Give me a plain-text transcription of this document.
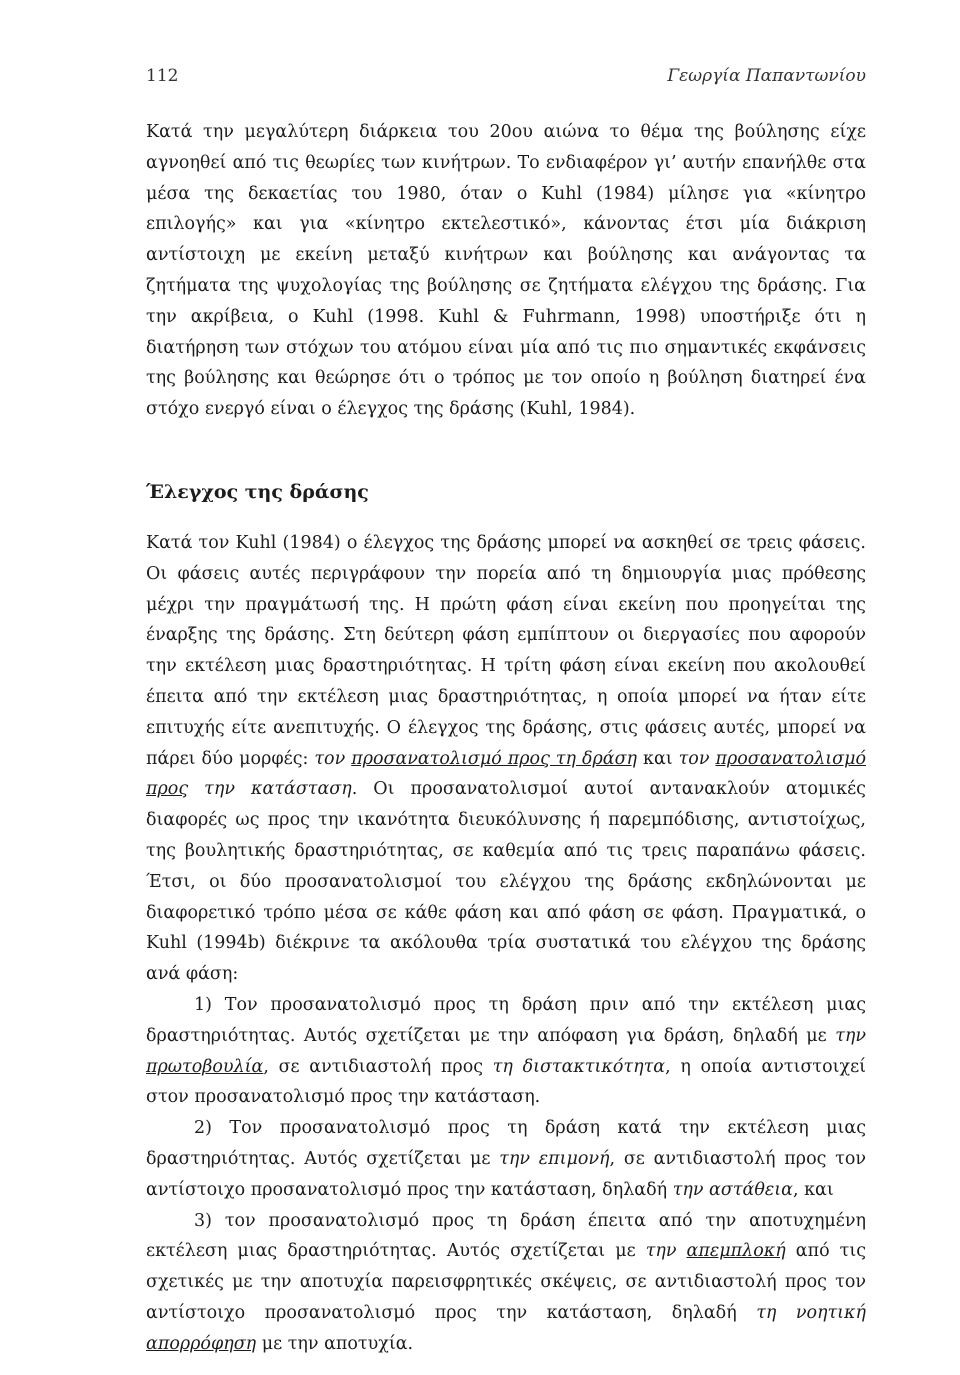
112	Γεωργία Παπαντωνίου

Κατά την μεγαλύτερη διάρκεια του 20ου αιώνα το θέμα της βούλησης είχε αγνοηθεί από τις θεωρίες των κινήτρων. Το ενδιαφέρον γι’ αυτήν επανήλθε στα μέσα της δεκαετίας του 1980, όταν ο Kuhl (1984) μίλησε για «κίνητρο επιλογής» και για «κίνητρο εκτελεστικό», κάνοντας έτσι μία διάκριση αντίστοιχη με εκείνη μεταξύ κινήτρων και βούλησης και ανάγοντας τα ζητήματα της ψυχολογίας της βούλησης σε ζητήματα ελέγχου της δράσης. Για την ακρίβεια, ο Kuhl (1998. Kuhl & Fuhrmann, 1998) υποστήριξε ότι η διατήρηση των στόχων του ατόμου είναι μία από τις πιο σημαντικές εκφάνσεις της βούλησης και θεώρησε ότι ο τρόπος με τον οποίο η βούληση διατηρεί ένα στόχο ενεργό είναι ο έλεγχος της δράσης (Kuhl, 1984).

Έλεγχος της δράσης

Κατά τον Kuhl (1984) ο έλεγχος της δράσης μπορεί να ασκηθεί σε τρεις φάσεις. Οι φάσεις αυτές περιγράφουν την πορεία από τη δημιουργία μιας πρόθεσης μέχρι την πραγμάτωσή της. Η πρώτη φάση είναι εκείνη που προηγείται της έναρξης της δράσης. Στη δεύτερη φάση εμπίπτουν οι διεργασίες που αφορούν την εκτέλεση μιας δραστηριότητας. Η τρίτη φάση είναι εκείνη που ακολουθεί έπειτα από την εκτέλεση μιας δραστηριότητας, η οποία μπορεί να ήταν είτε επιτυχής είτε ανεπιτυχής. Ο έλεγχος της δράσης, στις φάσεις αυτές, μπορεί να πάρει δύο μορφές: τον προσανατολισμό προς τη δράση και τον προσανατολισμό προς την κατάσταση. Οι προσανατολισμοί αυτοί αντανακλούν ατομικές διαφορές ως προς την ικανότητα διευκόλυνσης ή παρεμπόδισης, αντιστοίχως, της βουλητικής δραστηριότητας, σε καθεμία από τις τρεις παραπάνω φάσεις. Έτσι, οι δύο προσανατολισμοί του ελέγχου της δράσης εκδηλώνονται με διαφορετικό τρόπο μέσα σε κάθε φάση και από φάση σε φάση. Πραγματικά, ο Kuhl (1994b) διέκρινε τα ακόλουθα τρία συστατικά του ελέγχου της δράσης ανά φάση:

1) Τον προσανατολισμό προς τη δράση πριν από την εκτέλεση μιας δραστηριότητας. Αυτός σχετίζεται με την απόφαση για δράση, δηλαδή με την πρωτοβουλία, σε αντιδιαστολή προς τη διστακτικότητα, η οποία αντιστοιχεί στον προσανατολισμό προς την κατάσταση.

2) Τον προσανατολισμό προς τη δράση κατά την εκτέλεση μιας δραστηριότητας. Αυτός σχετίζεται με την επιμονή, σε αντιδιαστολή προς τον αντίστοιχο προσανατολισμό προς την κατάσταση, δηλαδή την αστάθεια, και

3) τον προσανατολισμό προς τη δράση έπειτα από την αποτυχημένη εκτέλεση μιας δραστηριότητας. Αυτός σχετίζεται με την απεμπλοκή από τις σχετικές με την αποτυχία παρεισφρητικές σκέψεις, σε αντιδιαστολή προς τον αντίστοιχο προσανατολισμό προς την κατάσταση, δηλαδή τη νοητική απορρόφηση με την αποτυχία.
